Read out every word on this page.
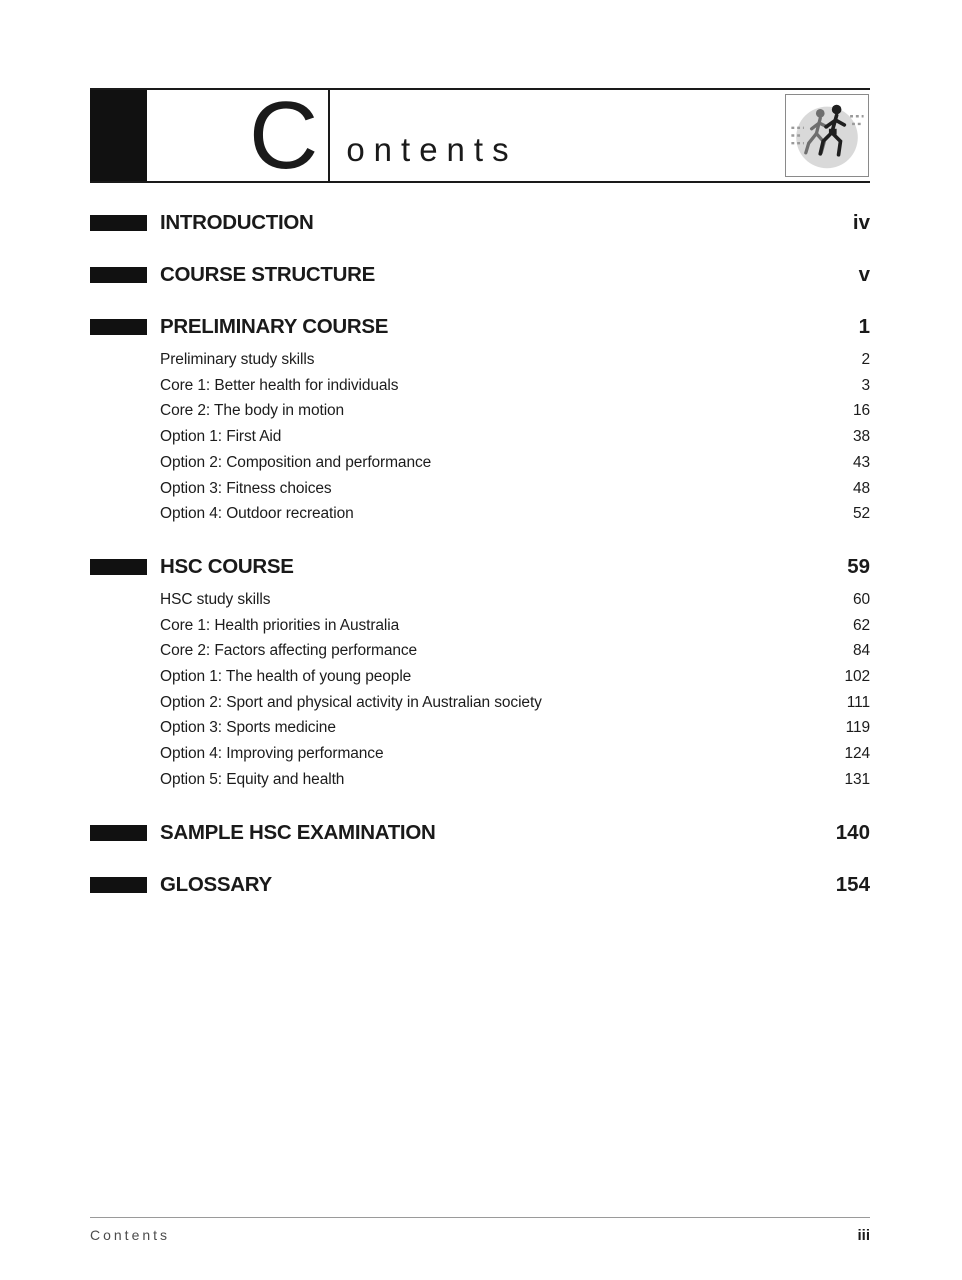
C ontents
INTRODUCTION	iv
COURSE STRUCTURE	v
PRELIMINARY COURSE	1
Preliminary study skills	2
Core 1: Better health for individuals	3
Core 2: The body in motion	16
Option 1: First Aid	38
Option 2: Composition and performance	43
Option 3: Fitness choices	48
Option 4: Outdoor recreation	52
HSC COURSE	59
HSC study skills	60
Core 1: Health priorities in Australia	62
Core 2: Factors affecting performance	84
Option 1: The health of young people	102
Option 2: Sport and physical activity in Australian society	111
Option 3: Sports medicine	119
Option 4: Improving performance	124
Option 5: Equity and health	131
SAMPLE HSC EXAMINATION	140
GLOSSARY	154
Contents	iii
